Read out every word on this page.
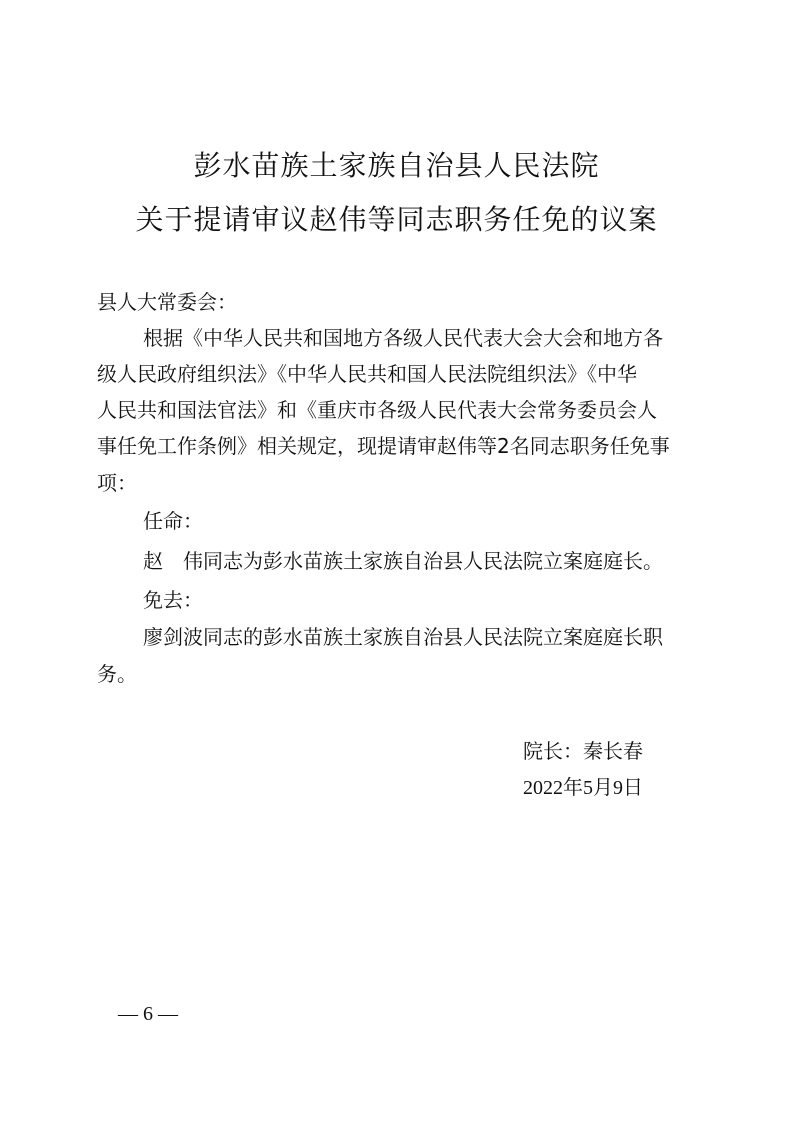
彭水苗族土家族自治县人民法院
关于提请审议赵伟等同志职务任免的议案
县人大常委会：
根据《中华人民共和国地方各级人民代表大会大会和地方各
级人民政府组织法》《中华人民共和国人民法院组织法》《中华
人民共和国法官法》和《重庆市各级人民代表大会常务委员会人
事任免工作条例》相关规定，现提请审赵伟等2名同志职务任免事
项：
任命：
赵 伟同志为彭水苗族土家族自治县人民法院立案庭庭长。
免去：
廖剑波同志的彭水苗族土家族自治县人民法院立案庭庭长职
务。
院长：秦长春
2022年5月9日
— 6 —
